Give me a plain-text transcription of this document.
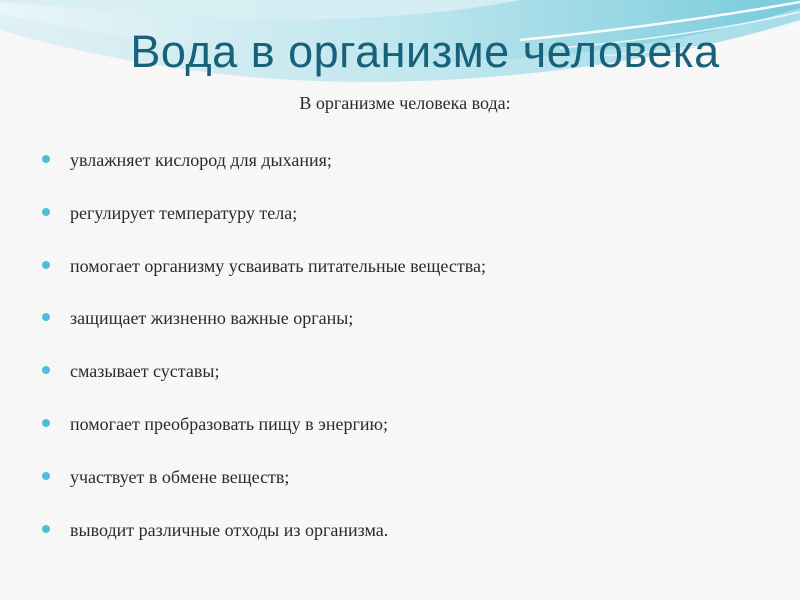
Вода в организме человека
В организме человека вода:
увлажняет кислород для дыхания;
регулирует температуру тела;
помогает организму усваивать питательные вещества;
защищает жизненно важные органы;
смазывает суставы;
помогает преобразовать пищу в энергию;
участвует в обмене веществ;
выводит различные отходы из организма.
